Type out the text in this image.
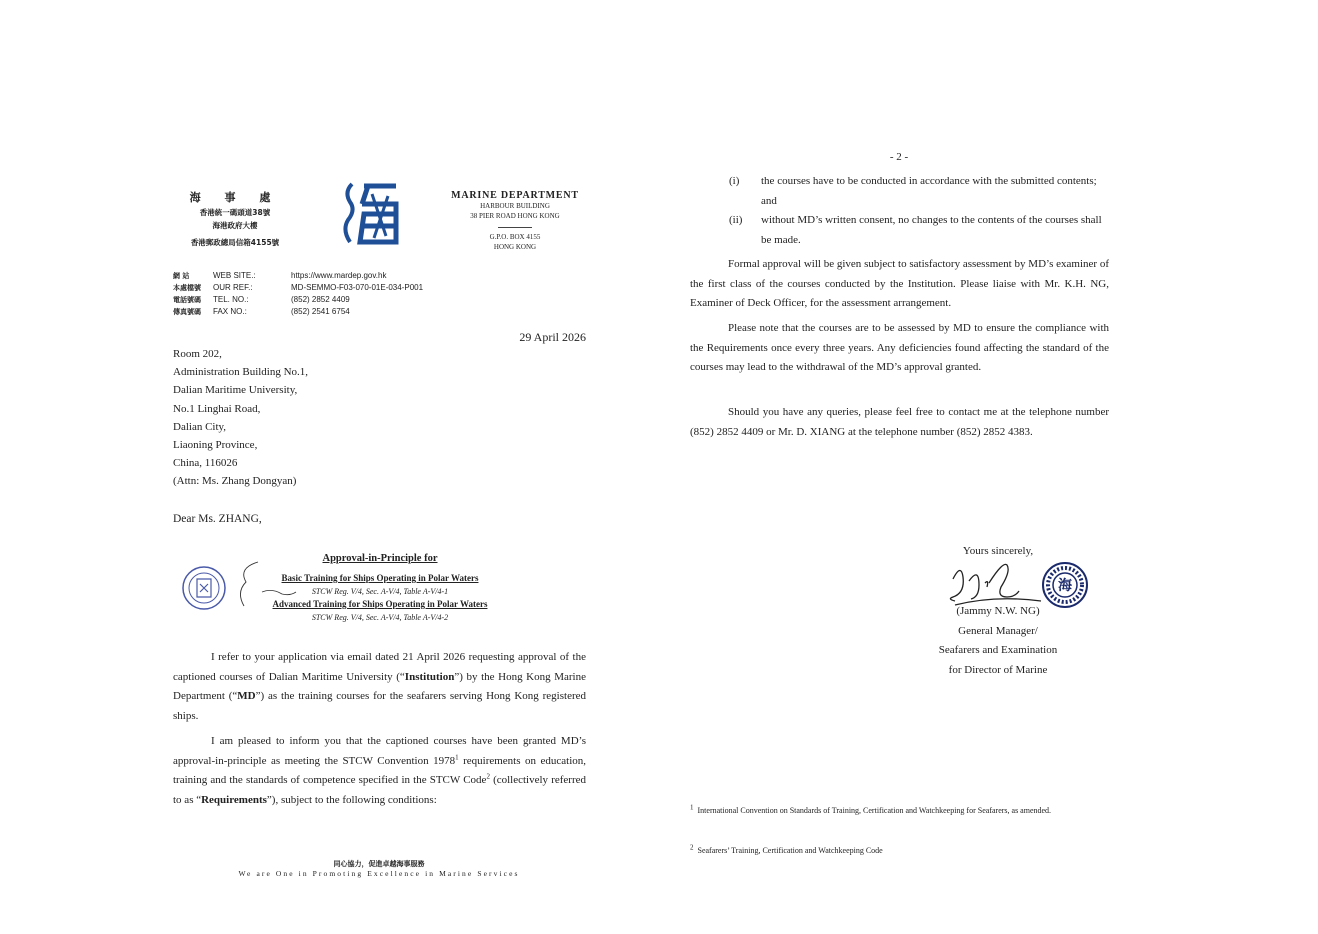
海 事 處
香港統一碼頭道38號
海港政府大樓
香港郵政總局信箱4155號
MARINE DEPARTMENT
HARBOUR BUILDING
38 PIER ROAD HONG KONG
G.P.O. BOX 4155
HONG KONG
網 站	WEB SITE.:	https://www.mardep.gov.hk
本處檔號 OUR REF.:	MD-SEMMO-F03-070-01E-034-P001
電話號碼 TEL. NO.:	(852) 2852 4409
傳真號碼 FAX NO.:	(852) 2541 6754
29 April 2026
Room 202,
Administration Building No.1,
Dalian Maritime University,
No.1 Linghai Road,
Dalian City,
Liaoning Province,
China, 116026
(Attn: Ms. Zhang Dongyan)
Dear Ms. ZHANG,
Approval-in-Principle for
Basic Training for Ships Operating in Polar Waters
STCW Reg. V/4, Sec. A-V/4, Table A-V/4-1
Advanced Training for Ships Operating in Polar Waters
STCW Reg. V/4, Sec. A-V/4, Table A-V/4-2
I refer to your application via email dated 21 April 2026 requesting approval of the captioned courses of Dalian Maritime University (“Institution”) by the Hong Kong Marine Department (“MD”) as the training courses for the seafarers serving Hong Kong registered ships.
I am pleased to inform you that the captioned courses have been granted MD’s approval-in-principle as meeting the STCW Convention 1978$^1$ requirements on education, training and the standards of competence specified in the STCW Code$^2$ (collectively referred to as “Requirements”), subject to the following conditions:
同心協力，促進卓越海事服務
We are One in Promoting Excellence in Marine Services
- 2 -
(i) the courses have to be conducted in accordance with the submitted contents; and
(ii) without MD’s written consent, no changes to the contents of the courses shall be made.
Formal approval will be given subject to satisfactory assessment by MD’s examiner of the first class of the courses conducted by the Institution. Please liaise with Mr. K.H. NG, Examiner of Deck Officer, for the assessment arrangement.
Please note that the courses are to be assessed by MD to ensure the compliance with the Requirements once every three years. Any deficiencies found affecting the standard of the courses may lead to the withdrawal of the MD’s approval granted.
Should you have any queries, please feel free to contact me at the telephone number (852) 2852 4409 or Mr. D. XIANG at the telephone number (852) 2852 4383.
Yours sincerely,
海
(Jammy N.W. NG)
General Manager/
Seafarers and Examination
for Director of Marine
$^1$ International Convention on Standards of Training, Certification and Watchkeeping for Seafarers, as amended.
$^2$ Seafarers’ Training, Certification and Watchkeeping Code
